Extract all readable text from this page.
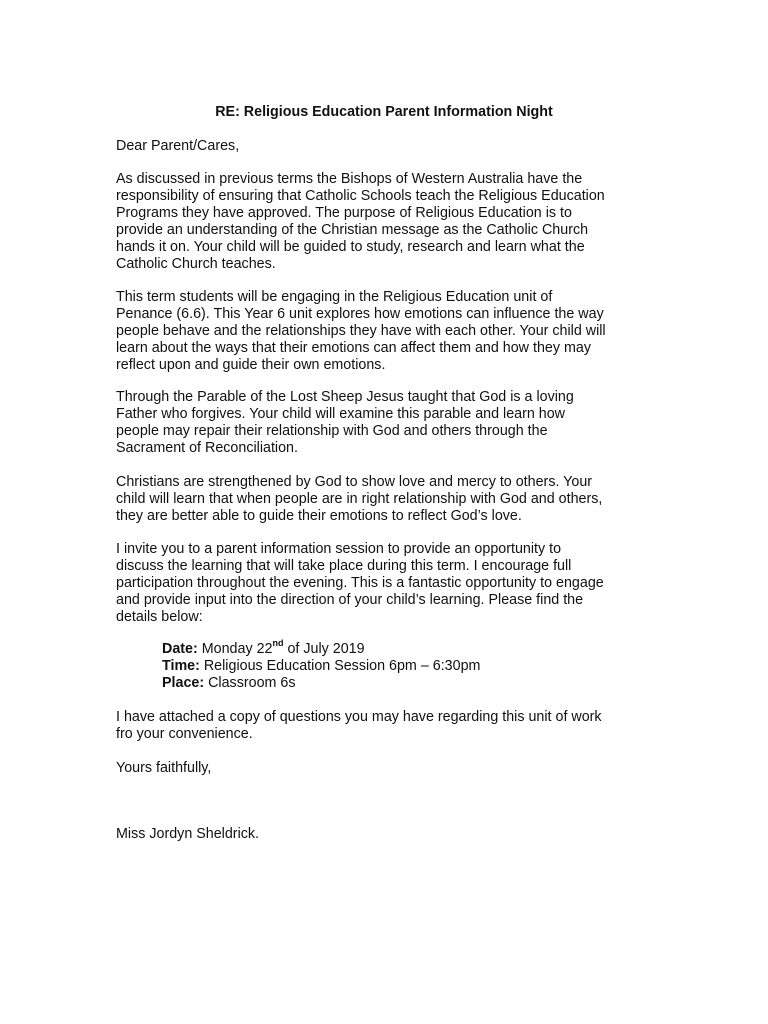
RE: Religious Education Parent Information Night

Dear Parent/Cares,

As discussed in previous terms the Bishops of Western Australia have the
responsibility of ensuring that Catholic Schools teach the Religious Education
Programs they have approved. The purpose of Religious Education is to
provide an understanding of the Christian message as the Catholic Church
hands it on. Your child will be guided to study, research and learn what the
Catholic Church teaches.

This term students will be engaging in the Religious Education unit of
Penance (6.6). This Year 6 unit explores how emotions can influence the way
people behave and the relationships they have with each other. Your child will
learn about the ways that their emotions can affect them and how they may
reflect upon and guide their own emotions.

Through the Parable of the Lost Sheep Jesus taught that God is a loving
Father who forgives. Your child will examine this parable and learn how
people may repair their relationship with God and others through the
Sacrament of Reconciliation.

Christians are strengthened by God to show love and mercy to others. Your
child will learn that when people are in right relationship with God and others,
they are better able to guide their emotions to reflect God’s love.

I invite you to a parent information session to provide an opportunity to
discuss the learning that will take place during this term. I encourage full
participation throughout the evening. This is a fantastic opportunity to engage
and provide input into the direction of your child’s learning. Please find the
details below:

Date: Monday 22nd of July 2019
Time: Religious Education Session 6pm – 6:30pm
Place: Classroom 6s

I have attached a copy of questions you may have regarding this unit of work
fro your convenience.

Yours faithfully,

Miss Jordyn Sheldrick.
